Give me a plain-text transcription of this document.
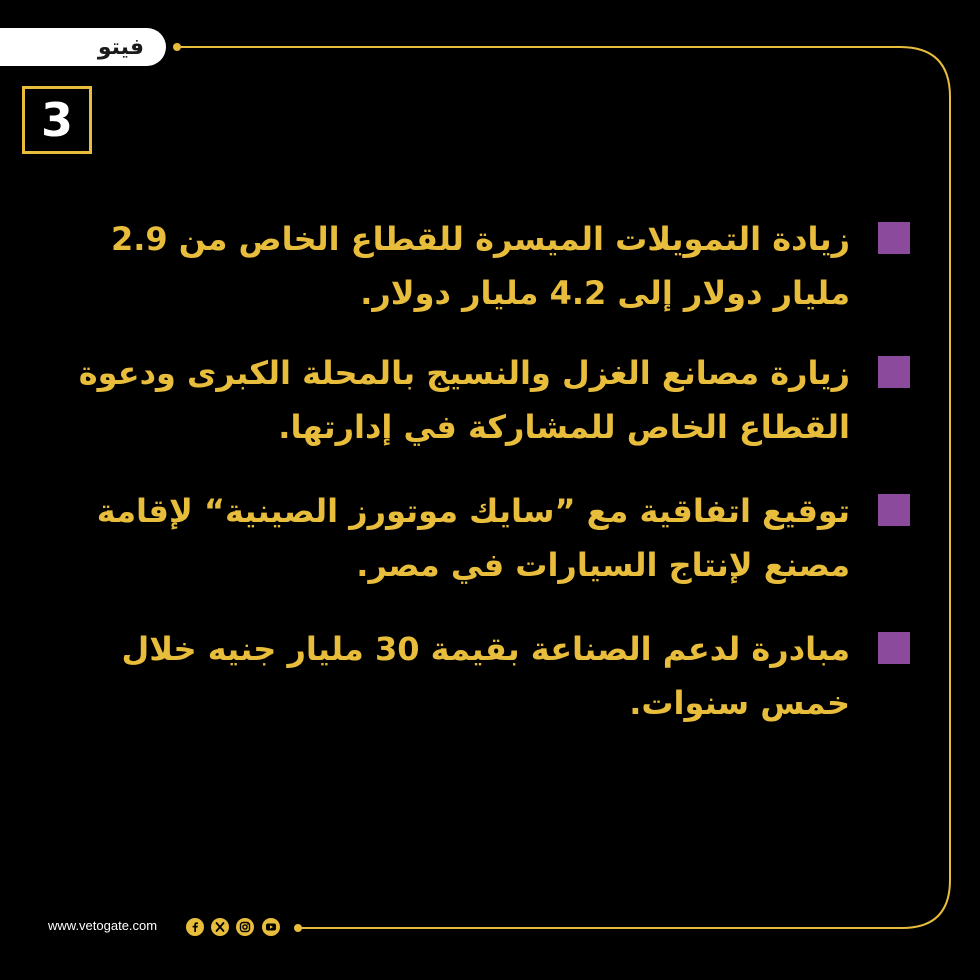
فيتو
3
زيادة التمويلات الميسرة للقطاع الخاص من 2.9 مليار دولار إلى 4.2 مليار دولار.
زيارة مصانع الغزل والنسيج بالمحلة الكبرى ودعوة القطاع الخاص للمشاركة في إدارتها.
توقيع اتفاقية مع ”سايك موتورز الصينية“ لإقامة مصنع لإنتاج السيارات في مصر.
مبادرة لدعم الصناعة بقيمة 30 مليار جنيه خلال خمس سنوات.
www.vetogate.com
